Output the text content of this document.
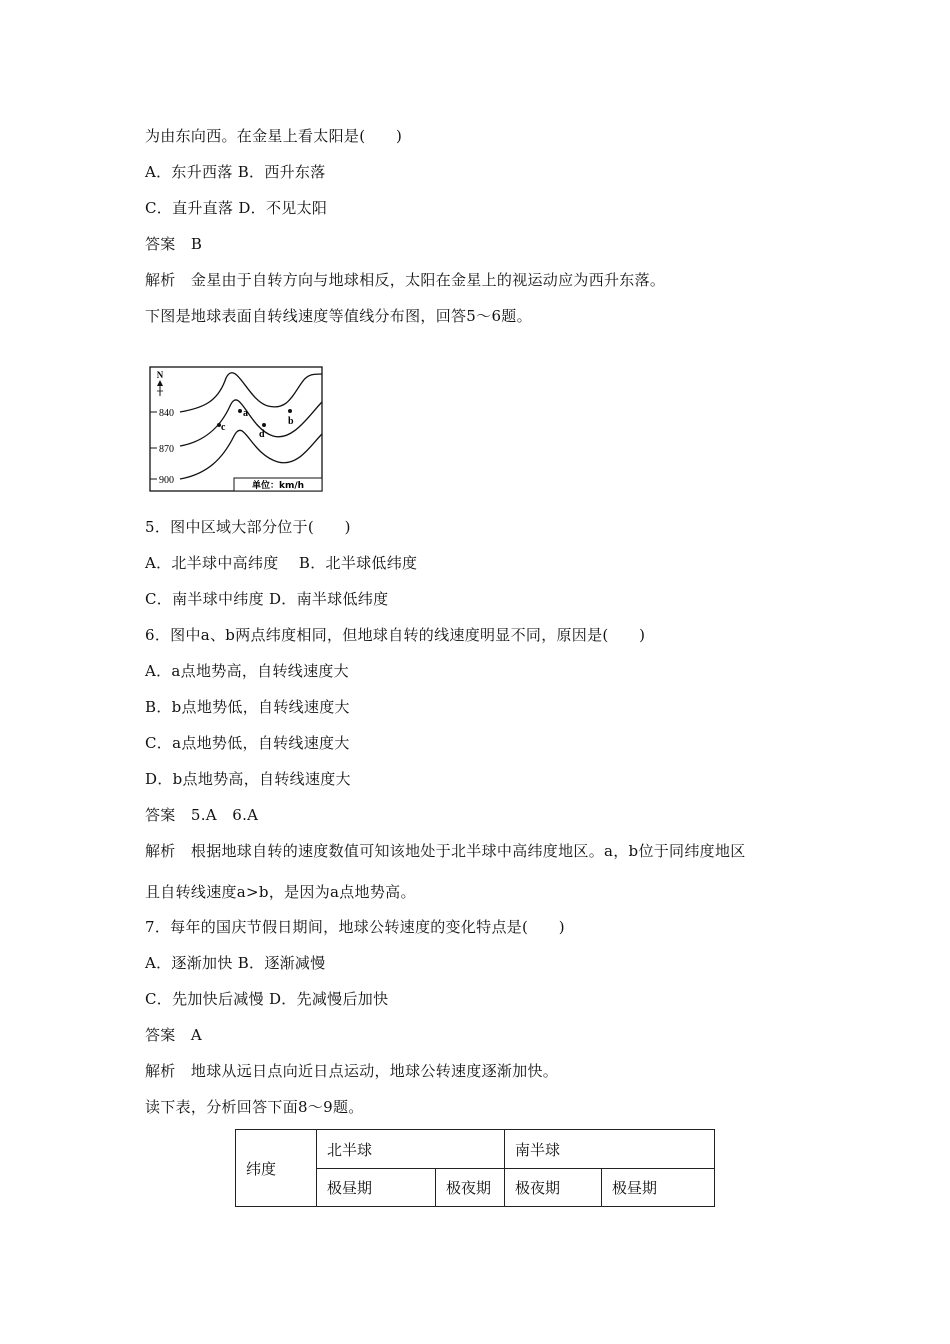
为由东向西。在金星上看太阳是(　　)
A．东升西落 B．西升东落
C．直升直落 D．不见太阳
答案　B
解析　金星由于自转方向与地球相反，太阳在金星上的视运动应为西升东落。
下图是地球表面自转线速度等值线分布图，回答5～6题。
N
840
870
900
a
b
c
d
单位：km/h
5．图中区域大部分位于(　　)
A．北半球中高纬度　 B．北半球低纬度
C．南半球中纬度 D．南半球低纬度
6．图中a、b两点纬度相同，但地球自转的线速度明显不同，原因是(　　)
A．a点地势高，自转线速度大
B．b点地势低，自转线速度大
C．a点地势低，自转线速度大
D．b点地势高，自转线速度大
答案　5.A　6.A
解析　根据地球自转的速度数值可知该地处于北半球中高纬度地区。a，b位于同纬度地区
且自转线速度a>b，是因为a点地势高。
7．每年的国庆节假日期间，地球公转速度的变化特点是(　　)
A．逐渐加快 B．逐渐减慢
C．先加快后减慢 D．先减慢后加快
答案　A
解析　地球从远日点向近日点运动，地球公转速度逐渐加快。
读下表，分析回答下面8～9题。
纬度	北半球		南半球	
	极昼期	极夜期	极夜期	极昼期
